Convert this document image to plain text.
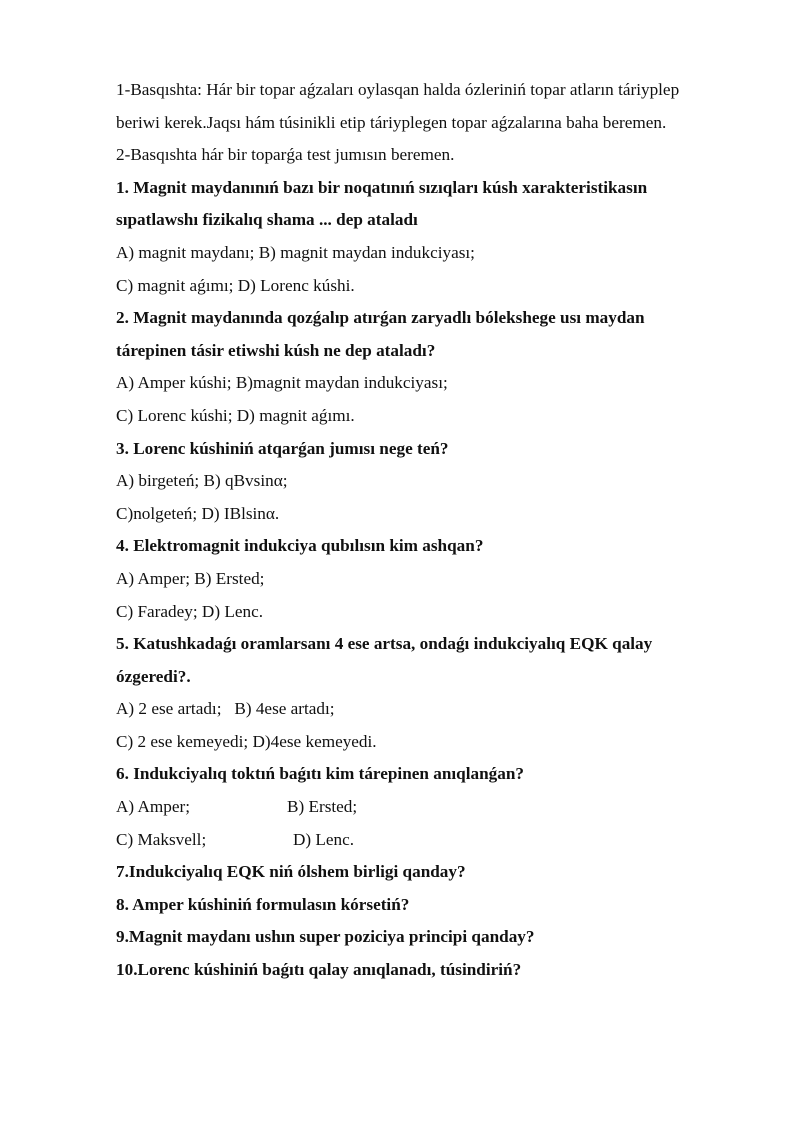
1-Basqıshta: Hár bir topar aǵzaları oylasqan halda ózleriniń topar atların táriyplep
beriwi kerek.Jaqsı hám túsinikli etip táriyplegen topar aǵzalarına baha beremen.
2-Basqıshta hár bir toparǵa test jumısın beremen.
1. Magnit maydanınıń bazı bir noqatınıń sızıqları kúsh xarakteristikasın
sıpatlawshı fizikalıq shama ... dep ataladı
A) magnit maydanı; B) magnit maydan indukciyası;
C) magnit aǵımı; D) Lorenc kúshi.
2. Magnit maydanında qozǵalıp atırǵan zaryadlı bólekshege usı maydan
tárepinen tásir etiwshi kúsh ne dep ataladı?
A) Amper kúshi; B)magnit maydan indukciyası;
C) Lorenc kúshi; D) magnit aǵımı.
3. Lorenc kúshiniń atqarǵan jumısı nege teń?
A) birgeteń; B) qBvsinα;
C)nolgeteń; D) IBlsinα.
4. Elektromagnit indukciya qubılısın kim ashqan?
A) Amper; B) Ersted;
C) Faradey; D) Lenc.
5. Katushkadaǵı oramlarsanı 4 ese artsa, ondaǵı indukciyalıq EQK qalay
ózgeredi?.
A) 2 ese artadı;   B) 4ese artadı;
C) 2 ese kemeyedi; D)4ese kemeyedi.
6. Indukciyalıq toktıń baǵıtı kim tárepinen anıqlanǵan?
A) Amper;	B) Ersted;
C) Maksvell;	D) Lenc.
7.Indukciyalıq EQK niń ólshem birligi qanday?
8. Amper kúshiniń formulasın kórsetiń?
9.Magnit maydanı ushın super poziciya principi qanday?
10.Lorenc kúshiniń baǵıtı qalay anıqlanadı, túsindiriń?
